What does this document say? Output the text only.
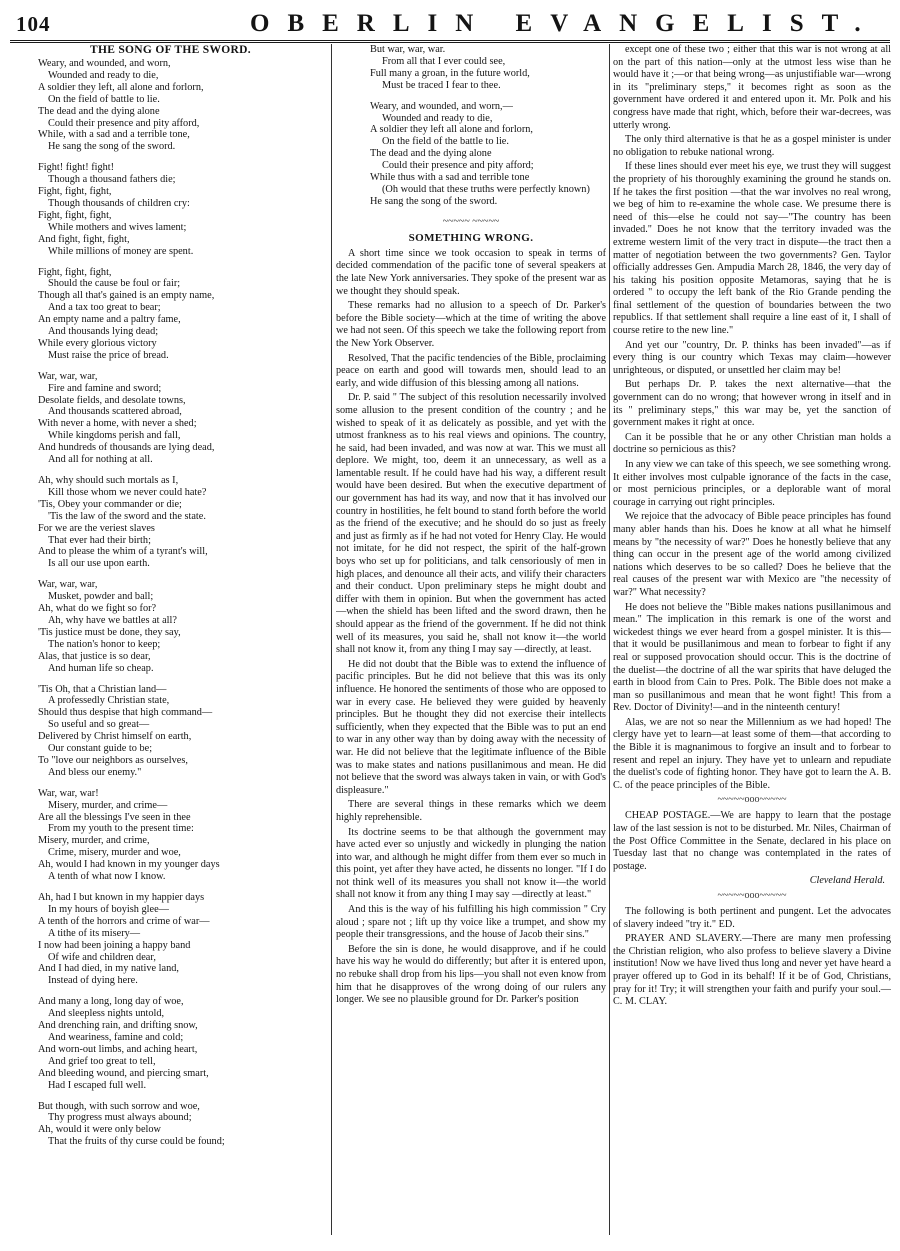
104	OBERLIN EVANGELIST.
THE SONG OF THE SWORD.
Weary, and wounded, and worn,
Wounded and ready to die,
A soldier they left, all alone and forlorn,
On the field of battle to lie.
The dead and the dying alone
Could their presence and pity afford,
While, with a sad and a terrible tone,
He sang the song of the sword.
Fight! fight! fight!
Though a thousand fathers die;
Fight, fight, fight,
Though thousands of children cry:
Fight, fight, fight,
While mothers and wives lament;
And fight, fight, fight,
While millions of money are spent.
Fight, fight, fight,
Should the cause be foul or fair;
Though all that's gained is an empty name,
And a tax too great to bear;
An empty name and a paltry fame,
And thousands lying dead;
While every glorious victory
Must raise the price of bread.
War, war, war,
Fire and famine and sword;
Desolate fields, and desolate towns,
And thousands scattered abroad,
With never a home, with never a shed;
While kingdoms perish and fall,
And hundreds of thousands are lying dead,
And all for nothing at all.
Ah, why should such mortals as I,
Kill those whom we never could hate?
'Tis, Obey your commander or die;
'Tis the law of the sword and the state.
For we are the veriest slaves
That ever had their birth;
And to please the whim of a tyrant's will,
Is all our use upon earth.
War, war, war,
Musket, powder and ball;
Ah, what do we fight so for?
Ah, why have we battles at all?
'Tis justice must be done, they say,
The nation's honor to keep;
Alas, that justice is so dear,
And human life so cheap.
'Tis Oh, that a Christian land—
A professedly Christian state,
Should thus despise that high command—
So useful and so great—
Delivered by Christ himself on earth,
Our constant guide to be;
To "love our neighbors as ourselves,
And bless our enemy."
War, war, war!
Misery, murder, and crime—
Are all the blessings I've seen in thee
From my youth to the present time:
Misery, murder, and crime,
Crime, misery, murder and woe,
Ah, would I had known in my younger days
A tenth of what now I know.
Ah, had I but known in my happier days
In my hours of boyish glee—
A tenth of the horrors and crime of war—
A tithe of its misery—
I now had been joining a happy band
Of wife and children dear,
And I had died, in my native land,
Instead of dying here.
And many a long, long day of woe,
And sleepless nights untold,
And drenching rain, and drifting snow,
And weariness, famine and cold;
And worn-out limbs, and aching heart,
And grief too great to tell,
And bleeding wound, and piercing smart,
Had I escaped full well.
But though, with such sorrow and woe,
Thy progress must always abound;
Ah, would it were only below
That the fruits of thy curse could be found;
But war, war, war.
From all that I ever could see,
Full many a groan, in the future world,
Must be traced I fear to thee.
Weary, and wounded, and worn,—
Wounded and ready to die,
A soldier they left all alone and forlorn,
On the field of the battle to lie.
The dead and the dying alone
Could their presence and pity afford;
While thus with a sad and terrible tone
(Oh would that these truths were perfectly known)
He sang the song of the sword.
~~~~~ ~~~~~
SOMETHING WRONG.
A short time since we took occasion to speak in terms of decided commendation of the pacific tone of several speakers at the late New York anniversaries. They spoke of the present war as we thought they should speak.
These remarks had no allusion to a speech of Dr. Parker's before the Bible society—which at the time of writing the above we had not seen. Of this speech we take the following report from the New York Observer.
Resolved, That the pacific tendencies of the Bible, proclaiming peace on earth and good will towards men, should lead to an early, and wide diffusion of this blessing among all nations.
Dr. P. said " The subject of this resolution necessarily involved some allusion to the present condition of the country ; and he wished to speak of it as delicately as possible, and yet with the utmost frankness as to his real views and opinions. The country, he said, had been invaded, and was now at war. This we must all deplore. We might, too, deem it an unnecessary, as well as a lamentable result. If he could have had his way, a different result would have been desired. But when the executive department of our government has had its way, and now that it has involved our country in hostilities, he felt bound to stand forth before the world as the friend of the executive; and he should do so just as freely and just as firmly as if he had not voted for Henry Clay. He would not imitate, for he did not respect, the spirit of the half-grown boys who set up for politicians, and talk censoriously of men in high places, and denounce all their acts, and vilify their characters and their conduct. Upon preliminary steps he might doubt and differ with them in opinion. But when the government has acted—when the shield has been lifted and the sword drawn, then he should appear as the friend of the government. If he did not think well of its measures, you said he, shall not know it—the world shall not know it, from any thing I may say —directly, at least.
He did not doubt that the Bible was to extend the influence of pacific principles. But he did not believe that this was its only influence. He honored the sentiments of those who are opposed to war in every case. He believed they were guided by heavenly principles. But he thought they did not exercise their intellects sufficiently, when they expected that the Bible was to put an end to war in any other way than by doing away with the necessity of war. He did not believe that the legitimate influence of the Bible was to make states and nations pusillanimous and mean. He did not believe that the sword was always taken in vain, or with God's displeasure."
There are several things in these remarks which we deem highly reprehensible.
Its doctrine seems to be that although the government may have acted ever so unjustly and wickedly in plunging the nation into war, and although he might differ from them ever so much in this point, yet after they have acted, he dissents no longer. "If I do not think well of its measures you shall not know it—the world shall not know it from any thing I may say —directly at least."
And this is the way of his fulfilling his high commission " Cry aloud ; spare not ; lift up thy voice like a trumpet, and show my people their transgressions, and the house of Jacob their sins."
Before the sin is done, he would disapprove, and if he could have his way he would do differently; but after it is entered upon, no rebuke shall drop from his lips—you shall not even know from him that he disapproves of the wrong doing of our rulers any longer. We see no plausible ground for Dr. Parker's position
except one of these two ; either that this war is not wrong at all on the part of this nation—only at the utmost less wise than he would have it ;—or that being wrong—as unjustifiable war—wrong in its "preliminary steps," it becomes right as soon as the government have ordered it and entered upon it. Mr. Polk and his congress have made that right, which, before their war-decrees, was utterly wrong.
The only third alternative is that he as a gospel minister is under no obligation to rebuke national wrong.
If these lines should ever meet his eye, we trust they will suggest the propriety of his thoroughly examining the ground he stands on. If he takes the first position —that the war involves no real wrong, we beg of him to re-examine the whole case. We presume there is need of this—else he could not say—"The country has been invaded." Does he not know that the territory invaded was the extreme western limit of the very tract in dispute—the tract then a matter of negotiation between the two governments? Gen. Taylor officially addresses Gen. Ampudia March 28, 1846, the very day of his taking his position opposite Metamoras, saying that he is ordered " to occupy the left bank of the Rio Grande pending the final settlement of the question of boundaries between the two republics. If that settlement shall require a line east of it, I shall of course retire to the new line."
And yet our "country, Dr. P. thinks has been invaded"—as if every thing is our country which Texas may claim—however unrighteous, or disputed, or unsettled her claim may be!
But perhaps Dr. P. takes the next alternative—that the government can do no wrong; that however wrong in itself and in its " preliminary steps," this war may be, yet the sanction of government makes it right at once.
Can it be possible that he or any other Christian man holds a doctrine so pernicious as this?
In any view we can take of this speech, we see something wrong. It either involves most culpable ignorance of the facts in the case, or most pernicious principles, or a deplorable want of moral courage in carrying out right principles.
We rejoice that the advocacy of Bible peace principles has found many abler hands than his. Does he know at all what he himself means by "the necessity of war?" Does he honestly believe that any thing can occur in the present age of the world among civilized nations which deserves to be so called? Does he believe that the real causes of the present war with Mexico are "the necessity of war?" What necessity?
He does not believe the "Bible makes nations pusillanimous and mean." The implication in this remark is one of the worst and wickedest things we ever heard from a gospel minister. It is this—that it would be pusillanimous and mean to forbear to fight if any real or supposed provocation should occur. This is the doctrine of the duelist—the doctrine of all the war spirits that have deluged the earth in blood from Cain to Pres. Polk. The Bible does not make a man so pusillanimous and mean that he wont fight! This from a Rev. Doctor of Divinity!—and in the ninteenth century!
Alas, we are not so near the Millennium as we had hoped! The clergy have yet to learn—at least some of them—that according to the Bible it is magnanimous to forgive an insult and to forbear to resent and repel an injury. They have yet to unlearn and repudiate the duelist's code of fighting honor. They have got to learn the A. B. C. of the peace principles of the Bible.
~~~~~ooo~~~~~
CHEAP POSTAGE.—We are happy to learn that the postage law of the last session is not to be disturbed. Mr. Niles, Chairman of the Post Office Committee in the Senate, declared in his place on Tuesday last that no change was contemplated in the rates of postage.
Cleveland Herald.
~~~~~ooo~~~~~
The following is both pertinent and pungent. Let the advocates of slavery indeed "try it." ED.
PRAYER AND SLAVERY.—There are many men professing the Christian religion, who also profess to believe slavery a Divine institution! Now we have lived thus long and never yet have heard a prayer offered up to God in its behalf! If it be of God, Christians, pray for it! Try; it will strengthen your faith and purify your soul.—C. M. CLAY.
